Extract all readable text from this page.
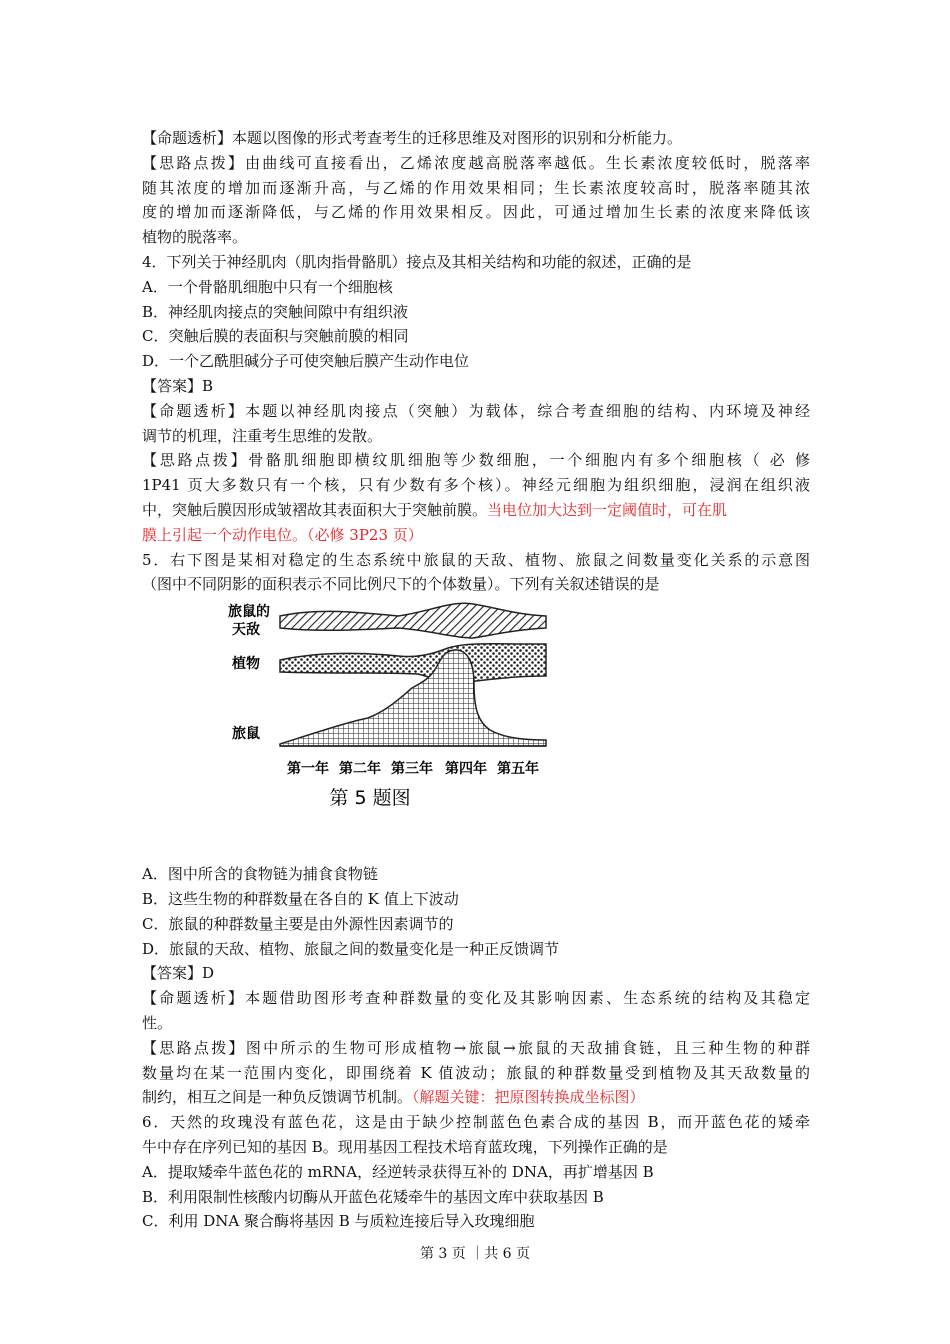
【命题透析】本题以图像的形式考查考生的迁移思维及对图形的识别和分析能力。

【思路点拨】由曲线可直接看出，乙烯浓度越高脱落率越低。生长素浓度较低时，脱落率

随其浓度的增加而逐渐升高，与乙烯的作用效果相同；生长素浓度较高时，脱落率随其浓

度的增加而逐渐降低，与乙烯的作用效果相反。因此，可通过增加生长素的浓度来降低该

植物的脱落率。

4．下列关于神经肌肉（肌肉指骨骼肌）接点及其相关结构和功能的叙述，正确的是

A．一个骨骼肌细胞中只有一个细胞核

B．神经肌肉接点的突触间隙中有组织液

C．突触后膜的表面积与突触前膜的相同

D．一个乙酰胆碱分子可使突触后膜产生动作电位

【答案】B

【命题透析】本题以神经肌肉接点（突触）为载体，综合考查细胞的结构、内环境及神经

调节的机理，注重考生思维的发散。

【思路点拨】骨骼肌细胞即横纹肌细胞等少数细胞，一个细胞内有多个细胞核（ 必 修

1P41 页大多数只有一个核，只有少数有多个核）。神经元细胞为组织细胞，浸润在组织液

中，突触后膜因形成皱褶故其表面积大于突触前膜。当电位加大达到一定阈值时，可在肌

膜上引起一个动作电位。（必修 3P23 页）

5．右下图是某相对稳定的生态系统中旅鼠的天敌、植物、旅鼠之间数量变化关系的示意图

（图中不同阴影的面积表示不同比例尺下的个体数量）。下列有关叙述错误的是

旅鼠的
天敌
植物
旅鼠
第一年 第二年 第三年 第四年 第五年
第 5 题图

A．图中所含的食物链为捕食食物链

B．这些生物的种群数量在各自的 K 值上下波动

C．旅鼠的种群数量主要是由外源性因素调节的

D．旅鼠的天敌、植物、旅鼠之间的数量变化是一种正反馈调节

【答案】D

【命题透析】本题借助图形考查种群数量的变化及其影响因素、生态系统的结构及其稳定

性。

【思路点拨】图中所示的生物可形成植物→旅鼠→旅鼠的天敌捕食链，且三种生物的种群

数量均在某一范围内变化，即围绕着 K 值波动；旅鼠的种群数量受到植物及其天敌数量的

制约，相互之间是一种负反馈调节机制。（解题关键：把原图转换成坐标图）

6．天然的玫瑰没有蓝色花，这是由于缺少控制蓝色色素合成的基因 B，而开蓝色花的矮牵

牛中存在序列已知的基因 B。现用基因工程技术培育蓝玫瑰，下列操作正确的是

A．提取矮牵牛蓝色花的 mRNA，经逆转录获得互补的 DNA，再扩增基因 B

B．利用限制性核酸内切酶从开蓝色花矮牵牛的基因文库中获取基因 B

C．利用 DNA 聚合酶将基因 B 与质粒连接后导入玫瑰细胞

第 3 页 ｜共 6 页
